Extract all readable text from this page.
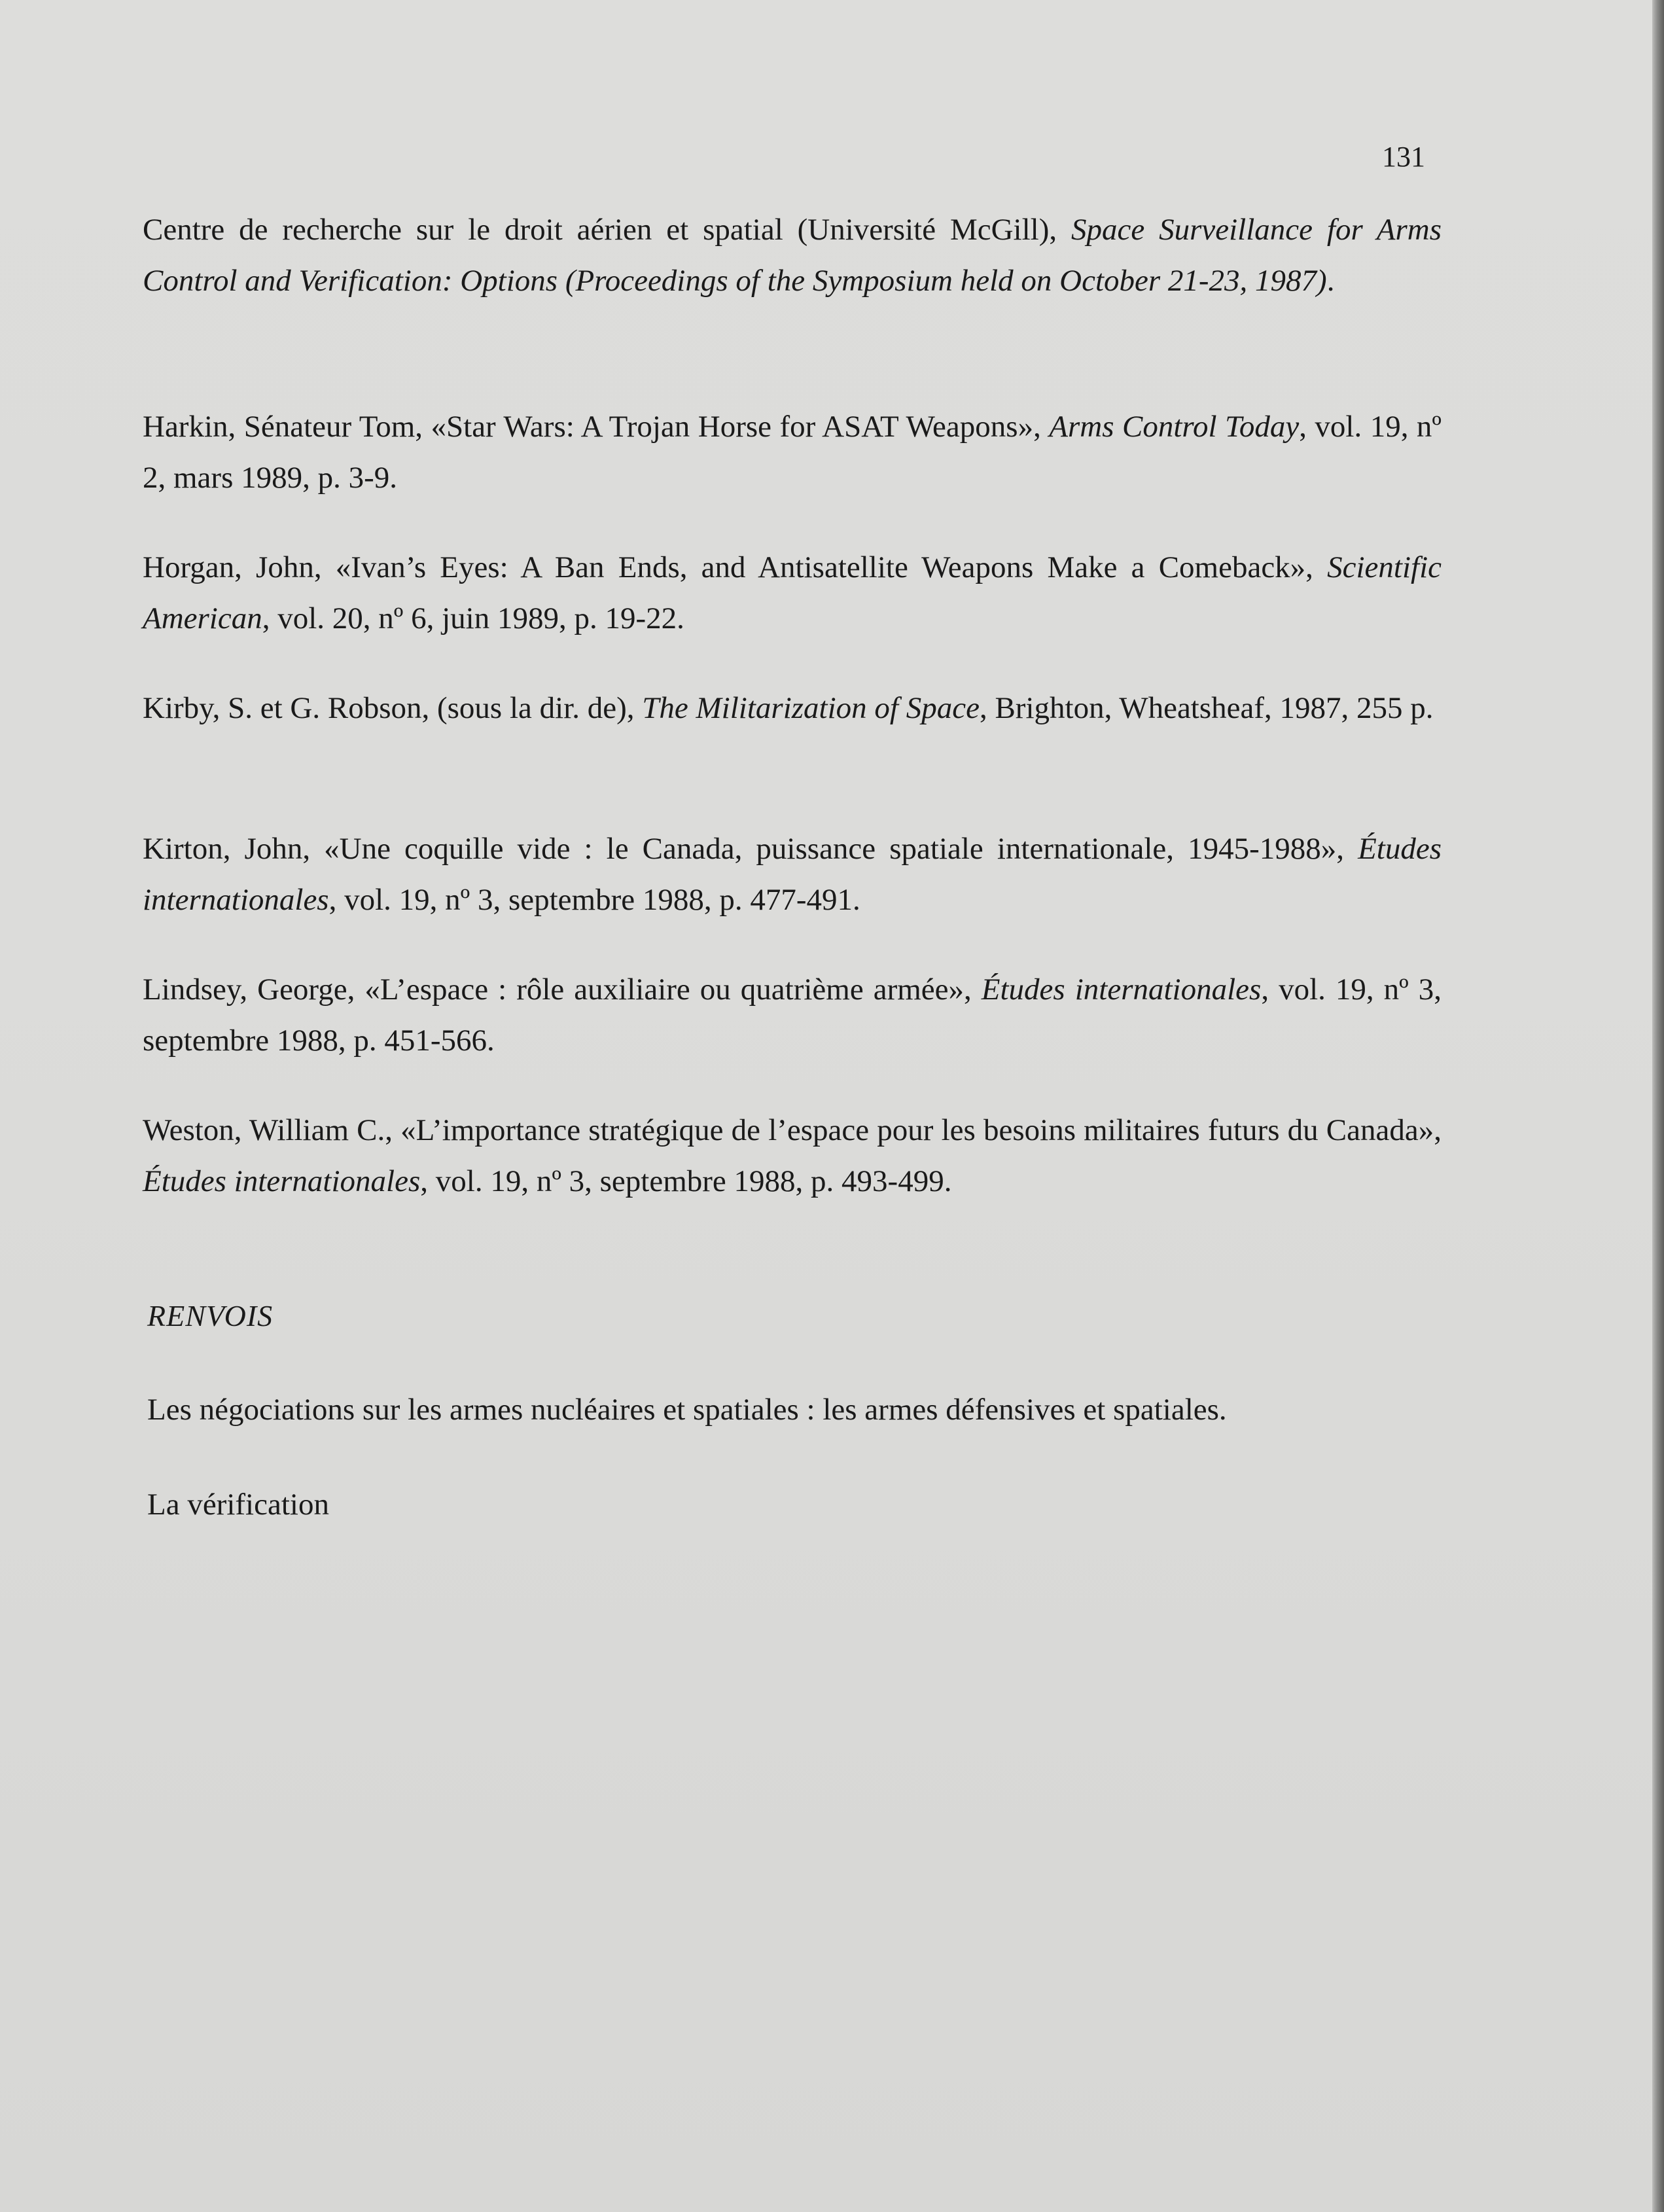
131

Centre de recherche sur le droit aérien et spatial (Université McGill), Space Surveillance for Arms Control and Verification: Options (Proceedings of the Symposium held on October 21-23, 1987).

Harkin, Sénateur Tom, «Star Wars: A Trojan Horse for ASAT Weapons», Arms Control Today, vol. 19, nº 2, mars 1989, p. 3-9.

Horgan, John, «Ivan’s Eyes: A Ban Ends, and Antisatellite Weapons Make a Comeback», Scientific American, vol. 20, nº 6, juin 1989, p. 19-22.

Kirby, S. et G. Robson, (sous la dir. de), The Militarization of Space, Brighton, Wheatsheaf, 1987, 255 p.

Kirton, John, «Une coquille vide : le Canada, puissance spatiale internationale, 1945-1988», Études internationales, vol. 19, nº 3, septembre 1988, p. 477-491.

Lindsey, George, «L’espace : rôle auxiliaire ou quatrième armée», Études internationales, vol. 19, nº 3, septembre 1988, p. 451-566.

Weston, William C., «L’importance stratégique de l’espace pour les besoins militaires futurs du Canada», Études internationales, vol. 19, nº 3, septembre 1988, p. 493-499.

RENVOIS

Les négociations sur les armes nucléaires et spatiales : les armes défensives et spatiales.

La vérification
